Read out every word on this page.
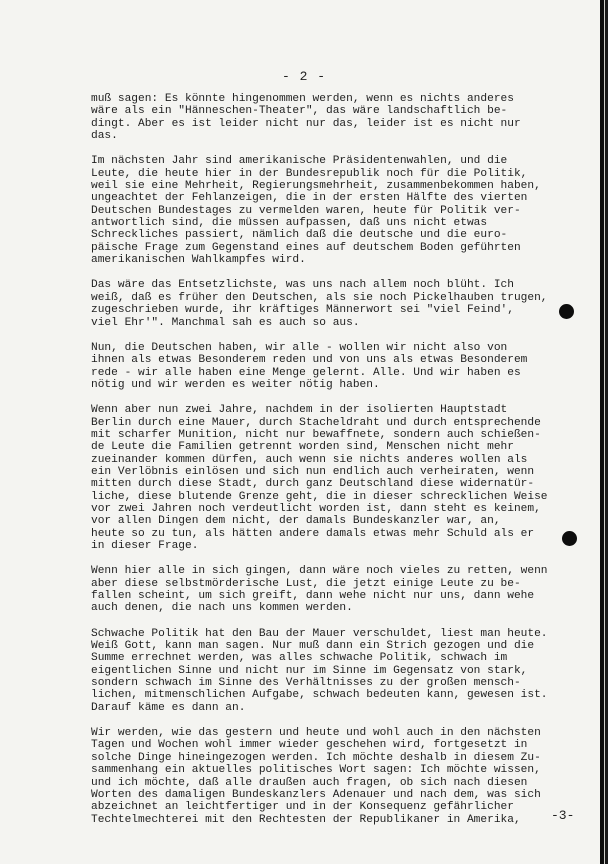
- 2 -
muß sagen: Es könnte hingenommen werden, wenn es nichts anderes
wäre als ein "Hänneschen-Theater", das wäre landschaftlich be-
dingt. Aber es ist leider nicht nur das, leider ist es nicht nur
das.
Im nächsten Jahr sind amerikanische Präsidentenwahlen, und die
Leute, die heute hier in der Bundesrepublik noch für die Politik,
weil sie eine Mehrheit, Regierungsmehrheit, zusammenbekommen haben,
ungeachtet der Fehlanzeigen, die in der ersten Hälfte des vierten
Deutschen Bundestages zu vermelden waren, heute für Politik ver-
antwortlich sind, die müssen aufpassen, daß uns nicht etwas
Schreckliches passiert, nämlich daß die deutsche und die euro-
päische Frage zum Gegenstand eines auf deutschem Boden geführten
amerikanischen Wahlkampfes wird.
Das wäre das Entsetzlichste, was uns nach allem noch blüht. Ich
weiß, daß es früher den Deutschen, als sie noch Pickelhauben trugen,
zugeschrieben wurde, ihr kräftiges Männerwort sei "viel Feind',
viel Ehr'". Manchmal sah es auch so aus.
Nun, die Deutschen haben, wir alle - wollen wir nicht also von
ihnen als etwas Besonderem reden und von uns als etwas Besonderem
rede - wir alle haben eine Menge gelernt. Alle. Und wir haben es
nötig und wir werden es weiter nötig haben.
Wenn aber nun zwei Jahre, nachdem in der isolierten Hauptstadt
Berlin durch eine Mauer, durch Stacheldraht und durch entsprechende
mit scharfer Munition, nicht nur bewaffnete, sondern auch schießen-
de Leute die Familien getrennt worden sind, Menschen nicht mehr
zueinander kommen dürfen, auch wenn sie nichts anderes wollen als
ein Verlöbnis einlösen und sich nun endlich auch verheiraten, wenn
mitten durch diese Stadt, durch ganz Deutschland diese widernatür-
liche, diese blutende Grenze geht, die in dieser schrecklichen Weise
vor zwei Jahren noch verdeutlicht worden ist, dann steht es keinem,
vor allen Dingen dem nicht, der damals Bundeskanzler war, an,
heute so zu tun, als hätten andere damals etwas mehr Schuld als er
in dieser Frage.
Wenn hier alle in sich gingen, dann wäre noch vieles zu retten, wenn
aber diese selbstmörderische Lust, die jetzt einige Leute zu be-
fallen scheint, um sich greift, dann wehe nicht nur uns, dann wehe
auch denen, die nach uns kommen werden.
Schwache Politik hat den Bau der Mauer verschuldet, liest man heute.
Weiß Gott, kann man sagen. Nur muß dann ein Strich gezogen und die
Summe errechnet werden, was alles schwache Politik, schwach im
eigentlichen Sinne und nicht nur im Sinne im Gegensatz von stark,
sondern schwach im Sinne des Verhältnisses zu der großen mensch-
lichen, mitmenschlichen Aufgabe, schwach bedeuten kann, gewesen ist.
Darauf käme es dann an.
Wir werden, wie das gestern und heute und wohl auch in den nächsten
Tagen und Wochen wohl immer wieder geschehen wird, fortgesetzt in
solche Dinge hineingezogen werden. Ich möchte deshalb in diesem Zu-
sammenhang ein aktuelles politisches Wort sagen: Ich möchte wissen,
und ich möchte, daß alle draußen auch fragen, ob sich nach diesen
Worten des damaligen Bundeskanzlers Adenauer und nach dem, was sich
abzeichnet an leichtfertiger und in der Konsequenz gefährlicher
Techtelmechterei mit den Rechtesten der Republikaner in Amerika,	-3-
